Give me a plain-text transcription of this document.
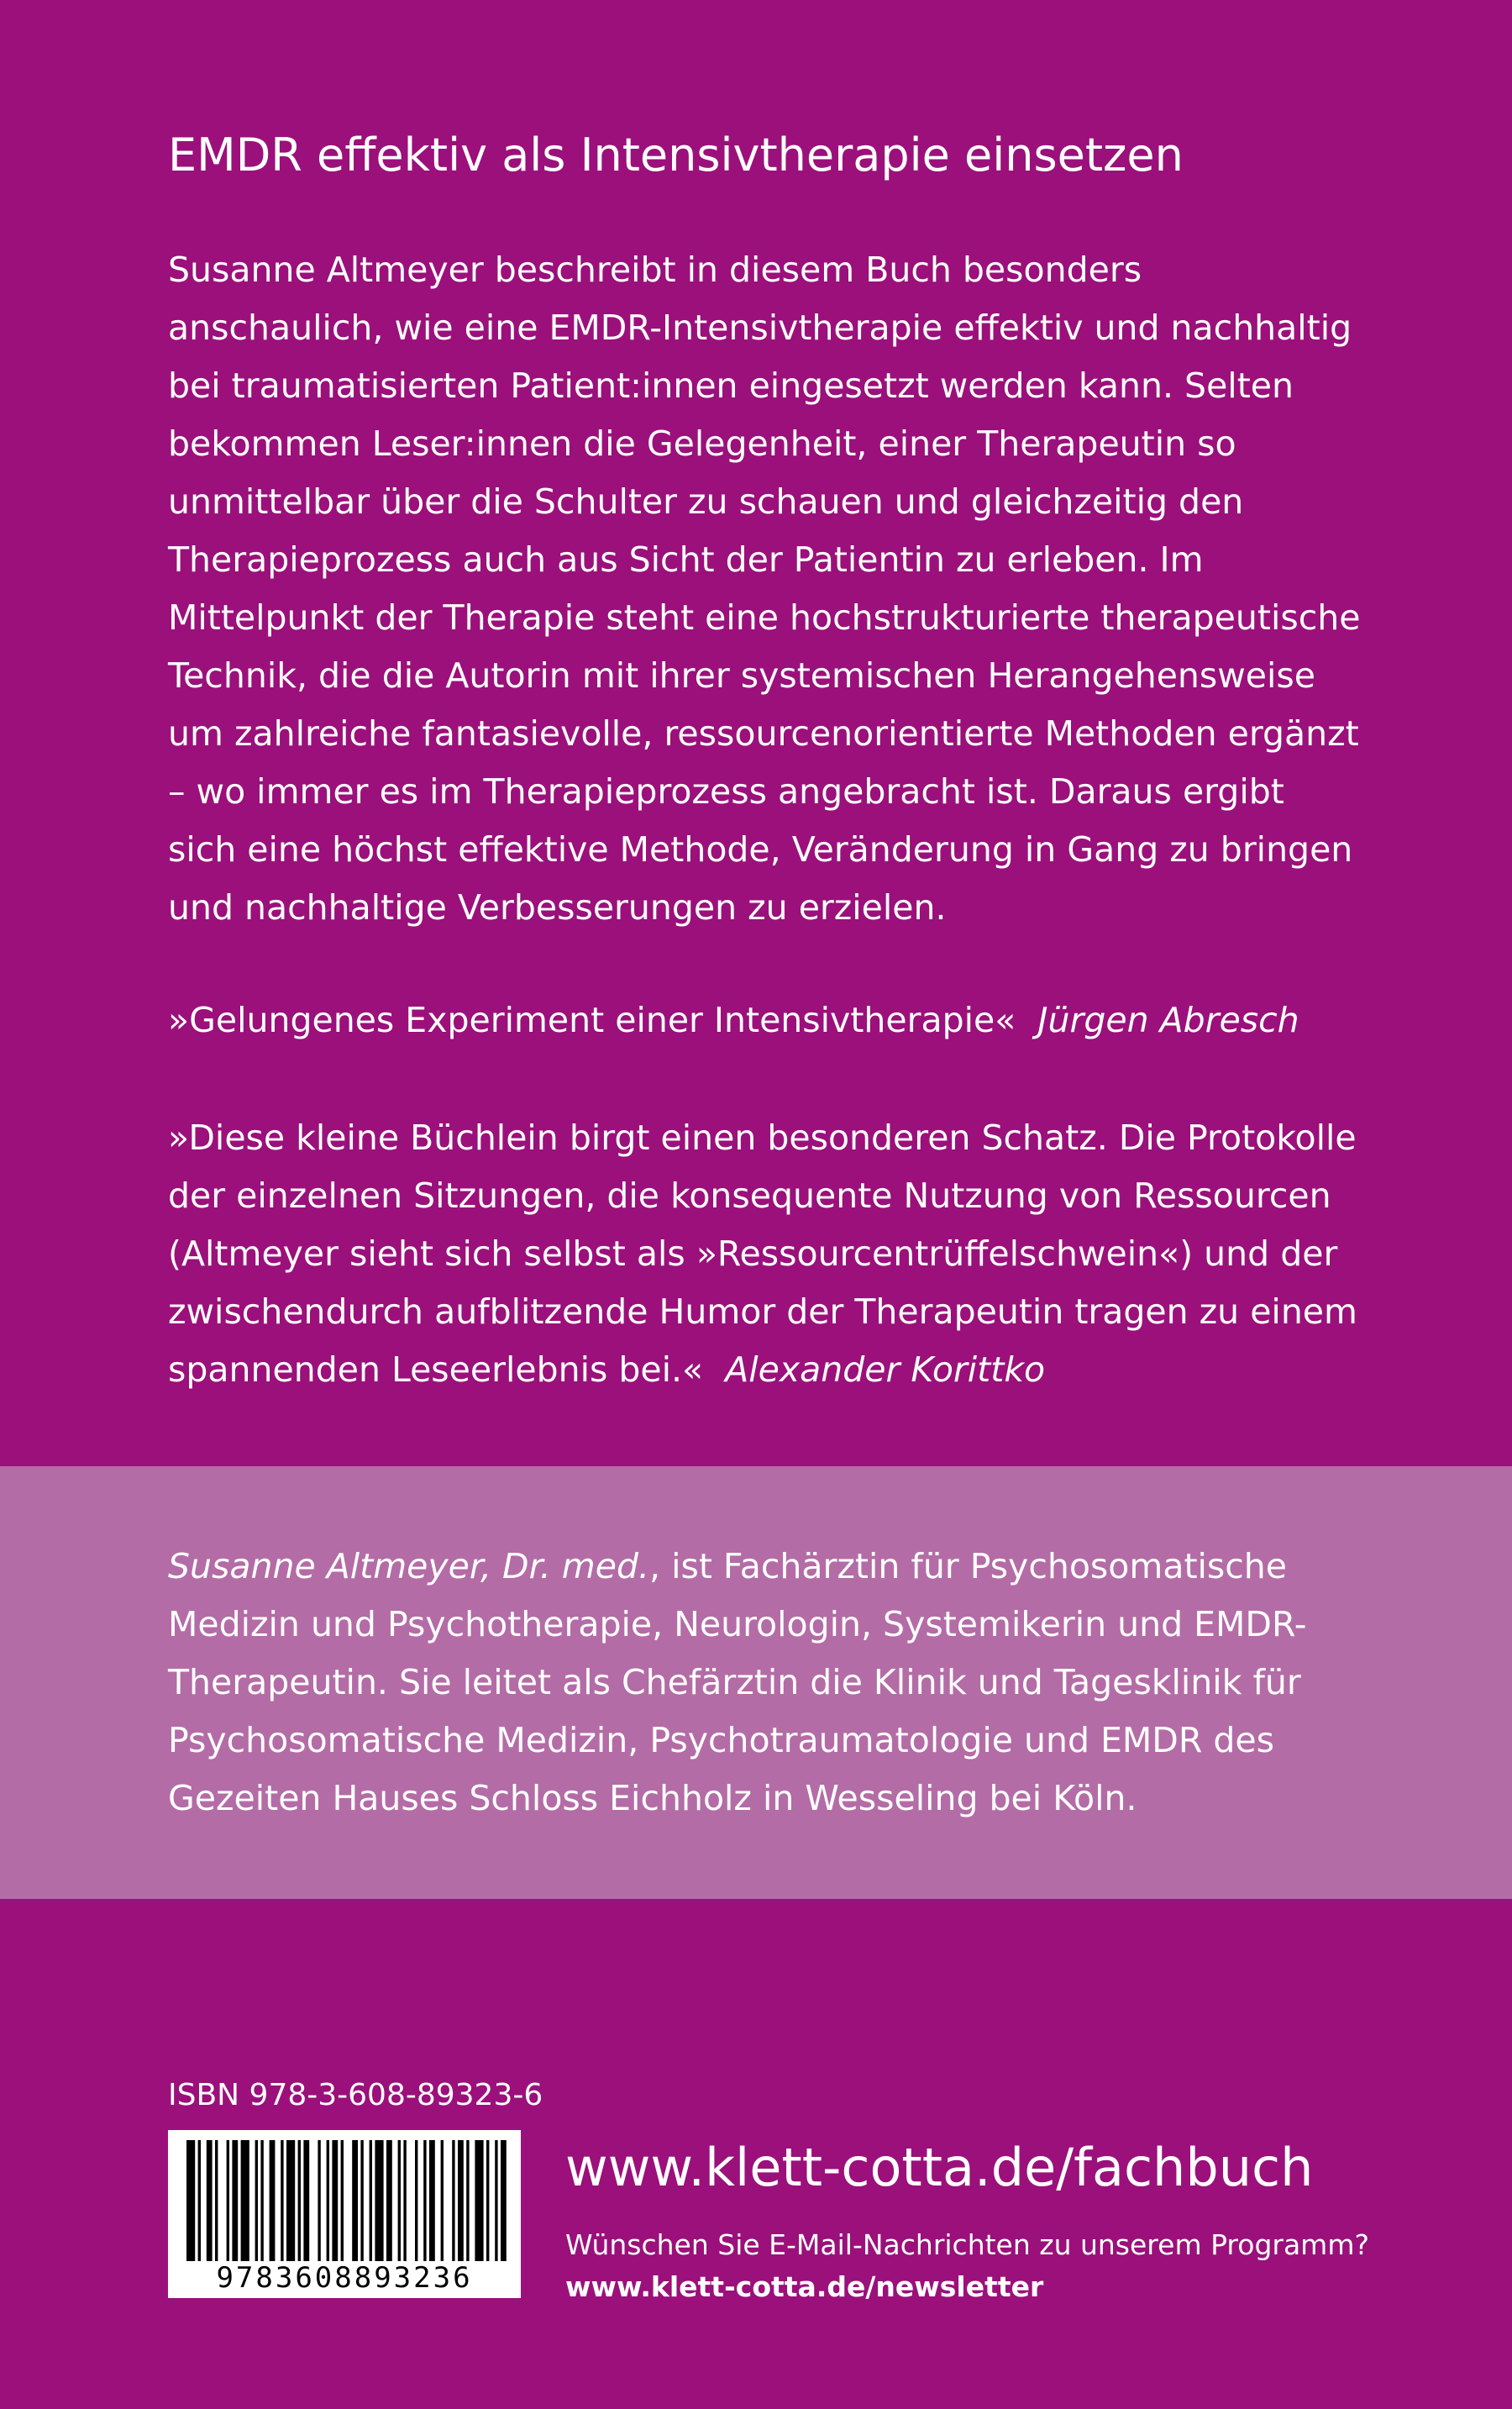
EMDR effektiv als Intensivtherapie einsetzen

Susanne Altmeyer beschreibt in diesem Buch besonders anschaulich, wie eine EMDR-Intensivtherapie effektiv und nachhaltig bei traumatisierten Patient:innen eingesetzt werden kann. Selten bekommen Leser:innen die Gelegenheit, einer Therapeutin so unmittelbar über die Schulter zu schauen und gleichzeitig den Therapieprozess auch aus Sicht der Patientin zu erleben. Im Mittelpunkt der Therapie steht eine hochstrukturierte therapeutische Technik, die die Autorin mit ihrer systemischen Herangehensweise um zahlreiche fantasievolle, ressourcenorientierte Methoden ergänzt – wo immer es im Therapieprozess angebracht ist. Daraus ergibt sich eine höchst effektive Methode, Veränderung in Gang zu bringen und nachhaltige Verbesserungen zu erzielen.

»Gelungenes Experiment einer Intensivtherapie« Jürgen Abresch

»Diese kleine Büchlein birgt einen besonderen Schatz. Die Protokolle der einzelnen Sitzungen, die konsequente Nutzung von Ressourcen (Altmeyer sieht sich selbst als »Ressourcentrüffelschwein«) und der zwischendurch aufblitzende Humor der Therapeutin tragen zu einem spannenden Leseerlebnis bei.« Alexander Korittko

Susanne Altmeyer, Dr. med., ist Fachärztin für Psychosomatische Medizin und Psychotherapie, Neurologin, Systemikerin und EMDR-Therapeutin. Sie leitet als Chefärztin die Klinik und Tagesklinik für Psychosomatische Medizin, Psychotraumatologie und EMDR des Gezeiten Hauses Schloss Eichholz in Wesseling bei Köln.

ISBN 978-3-608-89323-6

9783608893236

www.klett-cotta.de/fachbuch

Wünschen Sie E-Mail-Nachrichten zu unserem Programm?

www.klett-cotta.de/newsletter
